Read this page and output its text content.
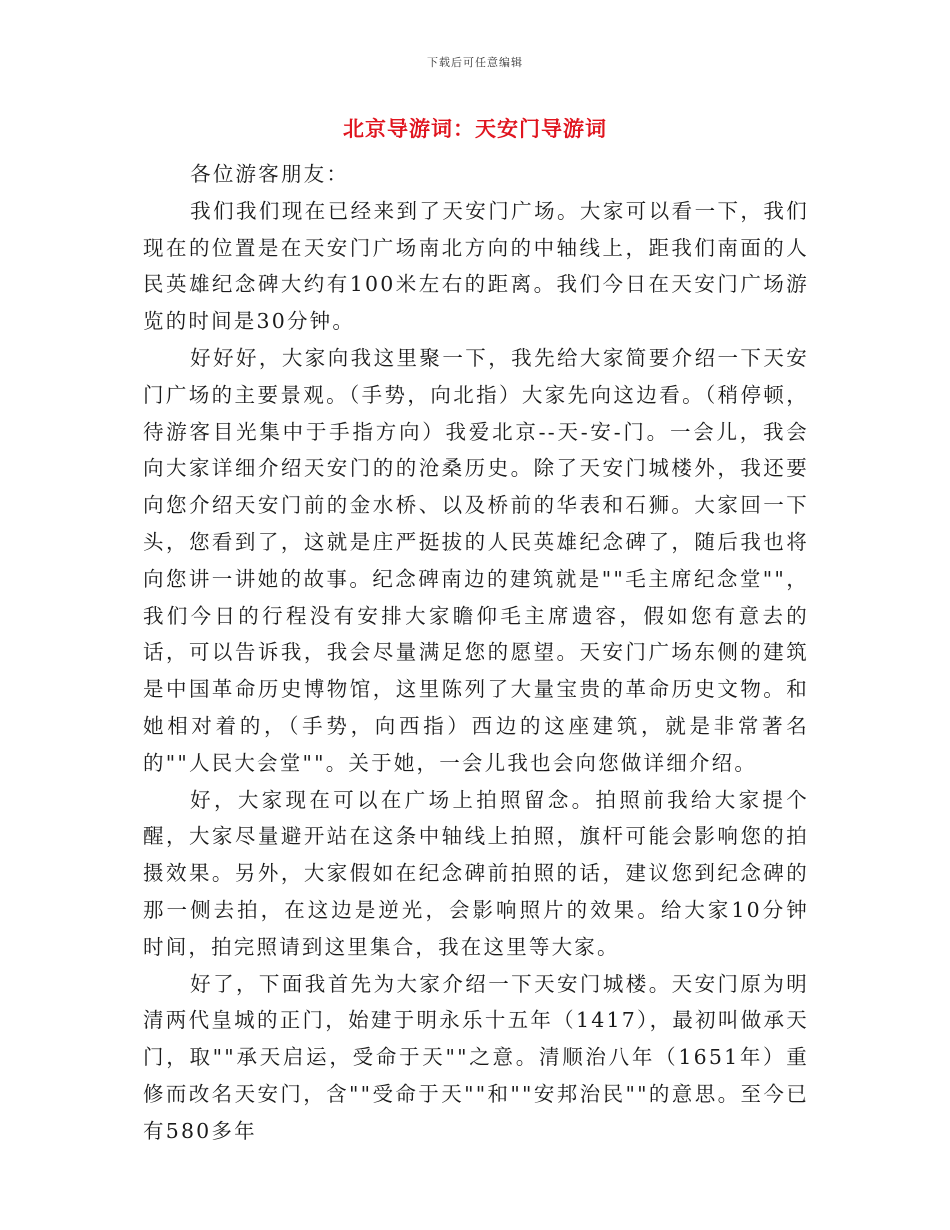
下载后可任意编辑
北京导游词：天安门导游词

各位游客朋友：

我们我们现在已经来到了天安门广场。大家可以看一下，我们现在的位置是在天安门广场南北方向的中轴线上，距我们南面的人民英雄纪念碑大约有100米左右的距离。我们今日在天安门广场游览的时间是30分钟。

好好好，大家向我这里聚一下，我先给大家简要介绍一下天安门广场的主要景观。（手势，向北指）大家先向这边看。（稍停顿，待游客目光集中于手指方向）我爱北京--天-安-门。一会儿，我会向大家详细介绍天安门的的沧桑历史。除了天安门城楼外，我还要向您介绍天安门前的金水桥、以及桥前的华表和石狮。大家回一下头，您看到了，这就是庄严挺拔的人民英雄纪念碑了，随后我也将向您讲一讲她的故事。纪念碑南边的建筑就是""毛主席纪念堂""，我们今日的行程没有安排大家瞻仰毛主席遗容，假如您有意去的话，可以告诉我，我会尽量满足您的愿望。天安门广场东侧的建筑是中国革命历史博物馆，这里陈列了大量宝贵的革命历史文物。和她相对着的，（手势，向西指）西边的这座建筑，就是非常著名的""人民大会堂""。关于她，一会儿我也会向您做详细介绍。

好，大家现在可以在广场上拍照留念。拍照前我给大家提个醒，大家尽量避开站在这条中轴线上拍照，旗杆可能会影响您的拍摄效果。另外，大家假如在纪念碑前拍照的话，建议您到纪念碑的那一侧去拍，在这边是逆光，会影响照片的效果。给大家10分钟时间，拍完照请到这里集合，我在这里等大家。

好了，下面我首先为大家介绍一下天安门城楼。天安门原为明清两代皇城的正门，始建于明永乐十五年（1417），最初叫做承天门，取""承天启运，受命于天""之意。清顺治八年（1651年）重修而改名天安门，含""受命于天""和""安邦治民""的意思。至今已有580多年
